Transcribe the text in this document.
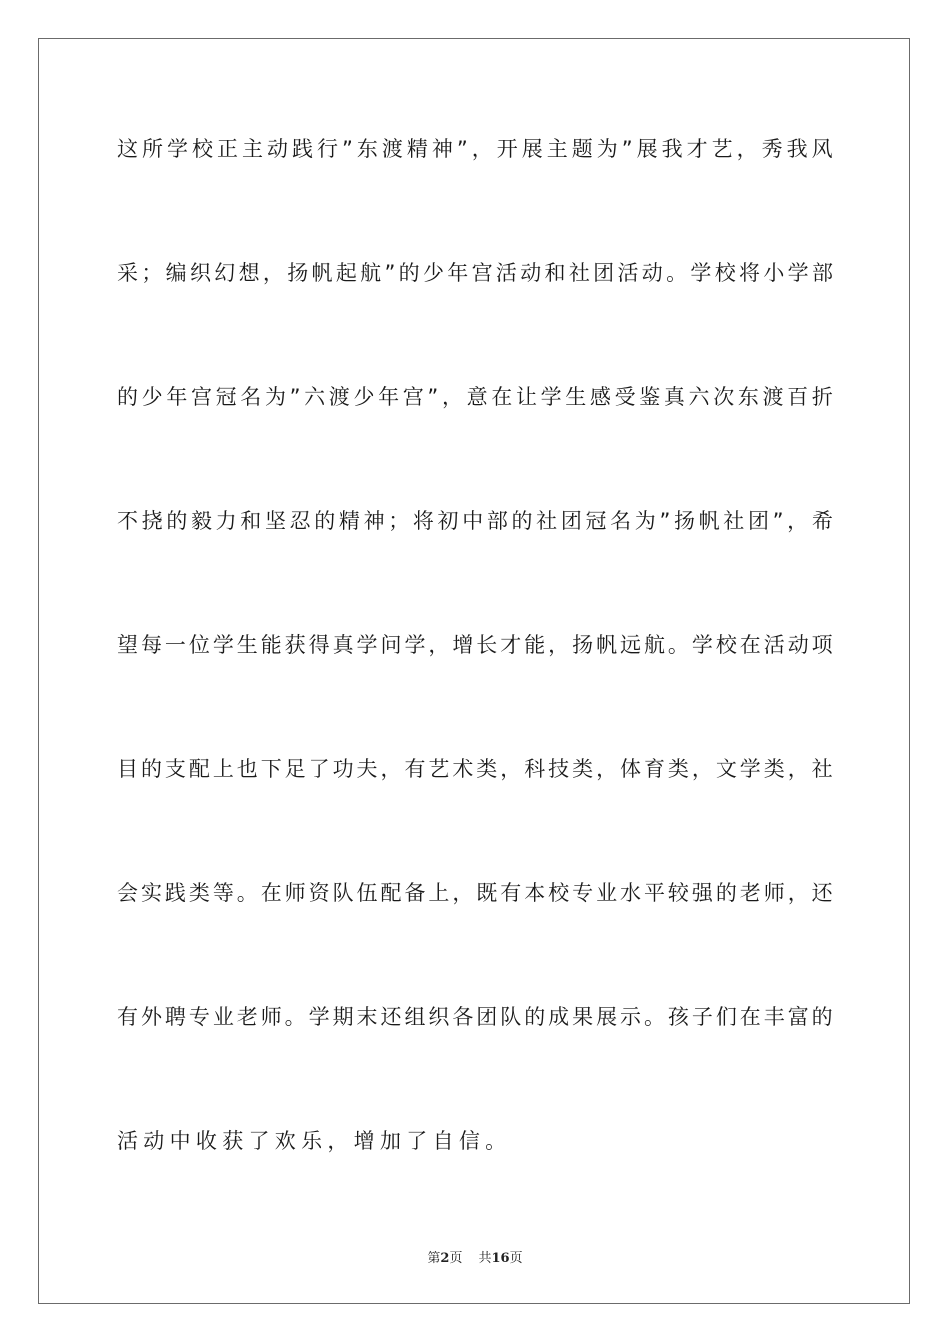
这 所 学 校 正 主 动 践 行 ” 东 渡 精 神 ” ， 开 展 主 题 为 ” 展 我 才 艺 ， 秀 我 风
采 ； 编 织 幻 想 ， 扬 帆 起 航 ” 的 少 年 宫 活 动 和 社 团 活 动 。 学 校 将 小 学 部
的 少 年 宫 冠 名 为 ” 六 渡 少 年 宫 ” ， 意 在 让 学 生 感 受 鉴 真 六 次 东 渡 百 折
不 挠 的 毅 力 和 坚 忍 的 精 神 ； 将 初 中 部 的 社 团 冠 名 为 ” 扬 帆 社 团 ” ， 希
望 每 一 位 学 生 能 获 得 真 学 问 学 ， 增 长 才 能 ， 扬 帆 远 航 。 学 校 在 活 动 项
目 的 支 配 上 也 下 足 了 功 夫 ， 有 艺 术 类 ， 科 技 类 ， 体 育 类 ， 文 学 类 ， 社
会 实 践 类 等 。 在 师 资 队 伍 配 备 上 ， 既 有 本 校 专 业 水 平 较 强 的 老 师 ， 还
有 外 聘 专 业 老 师 。 学 期 末 还 组 织 各 团 队 的 成 果 展 示 。 孩 子 们 在 丰 富 的
活 动 中 收 获 了 欢 乐 ， 增 加 了 自 信 。
第2页 共16页
